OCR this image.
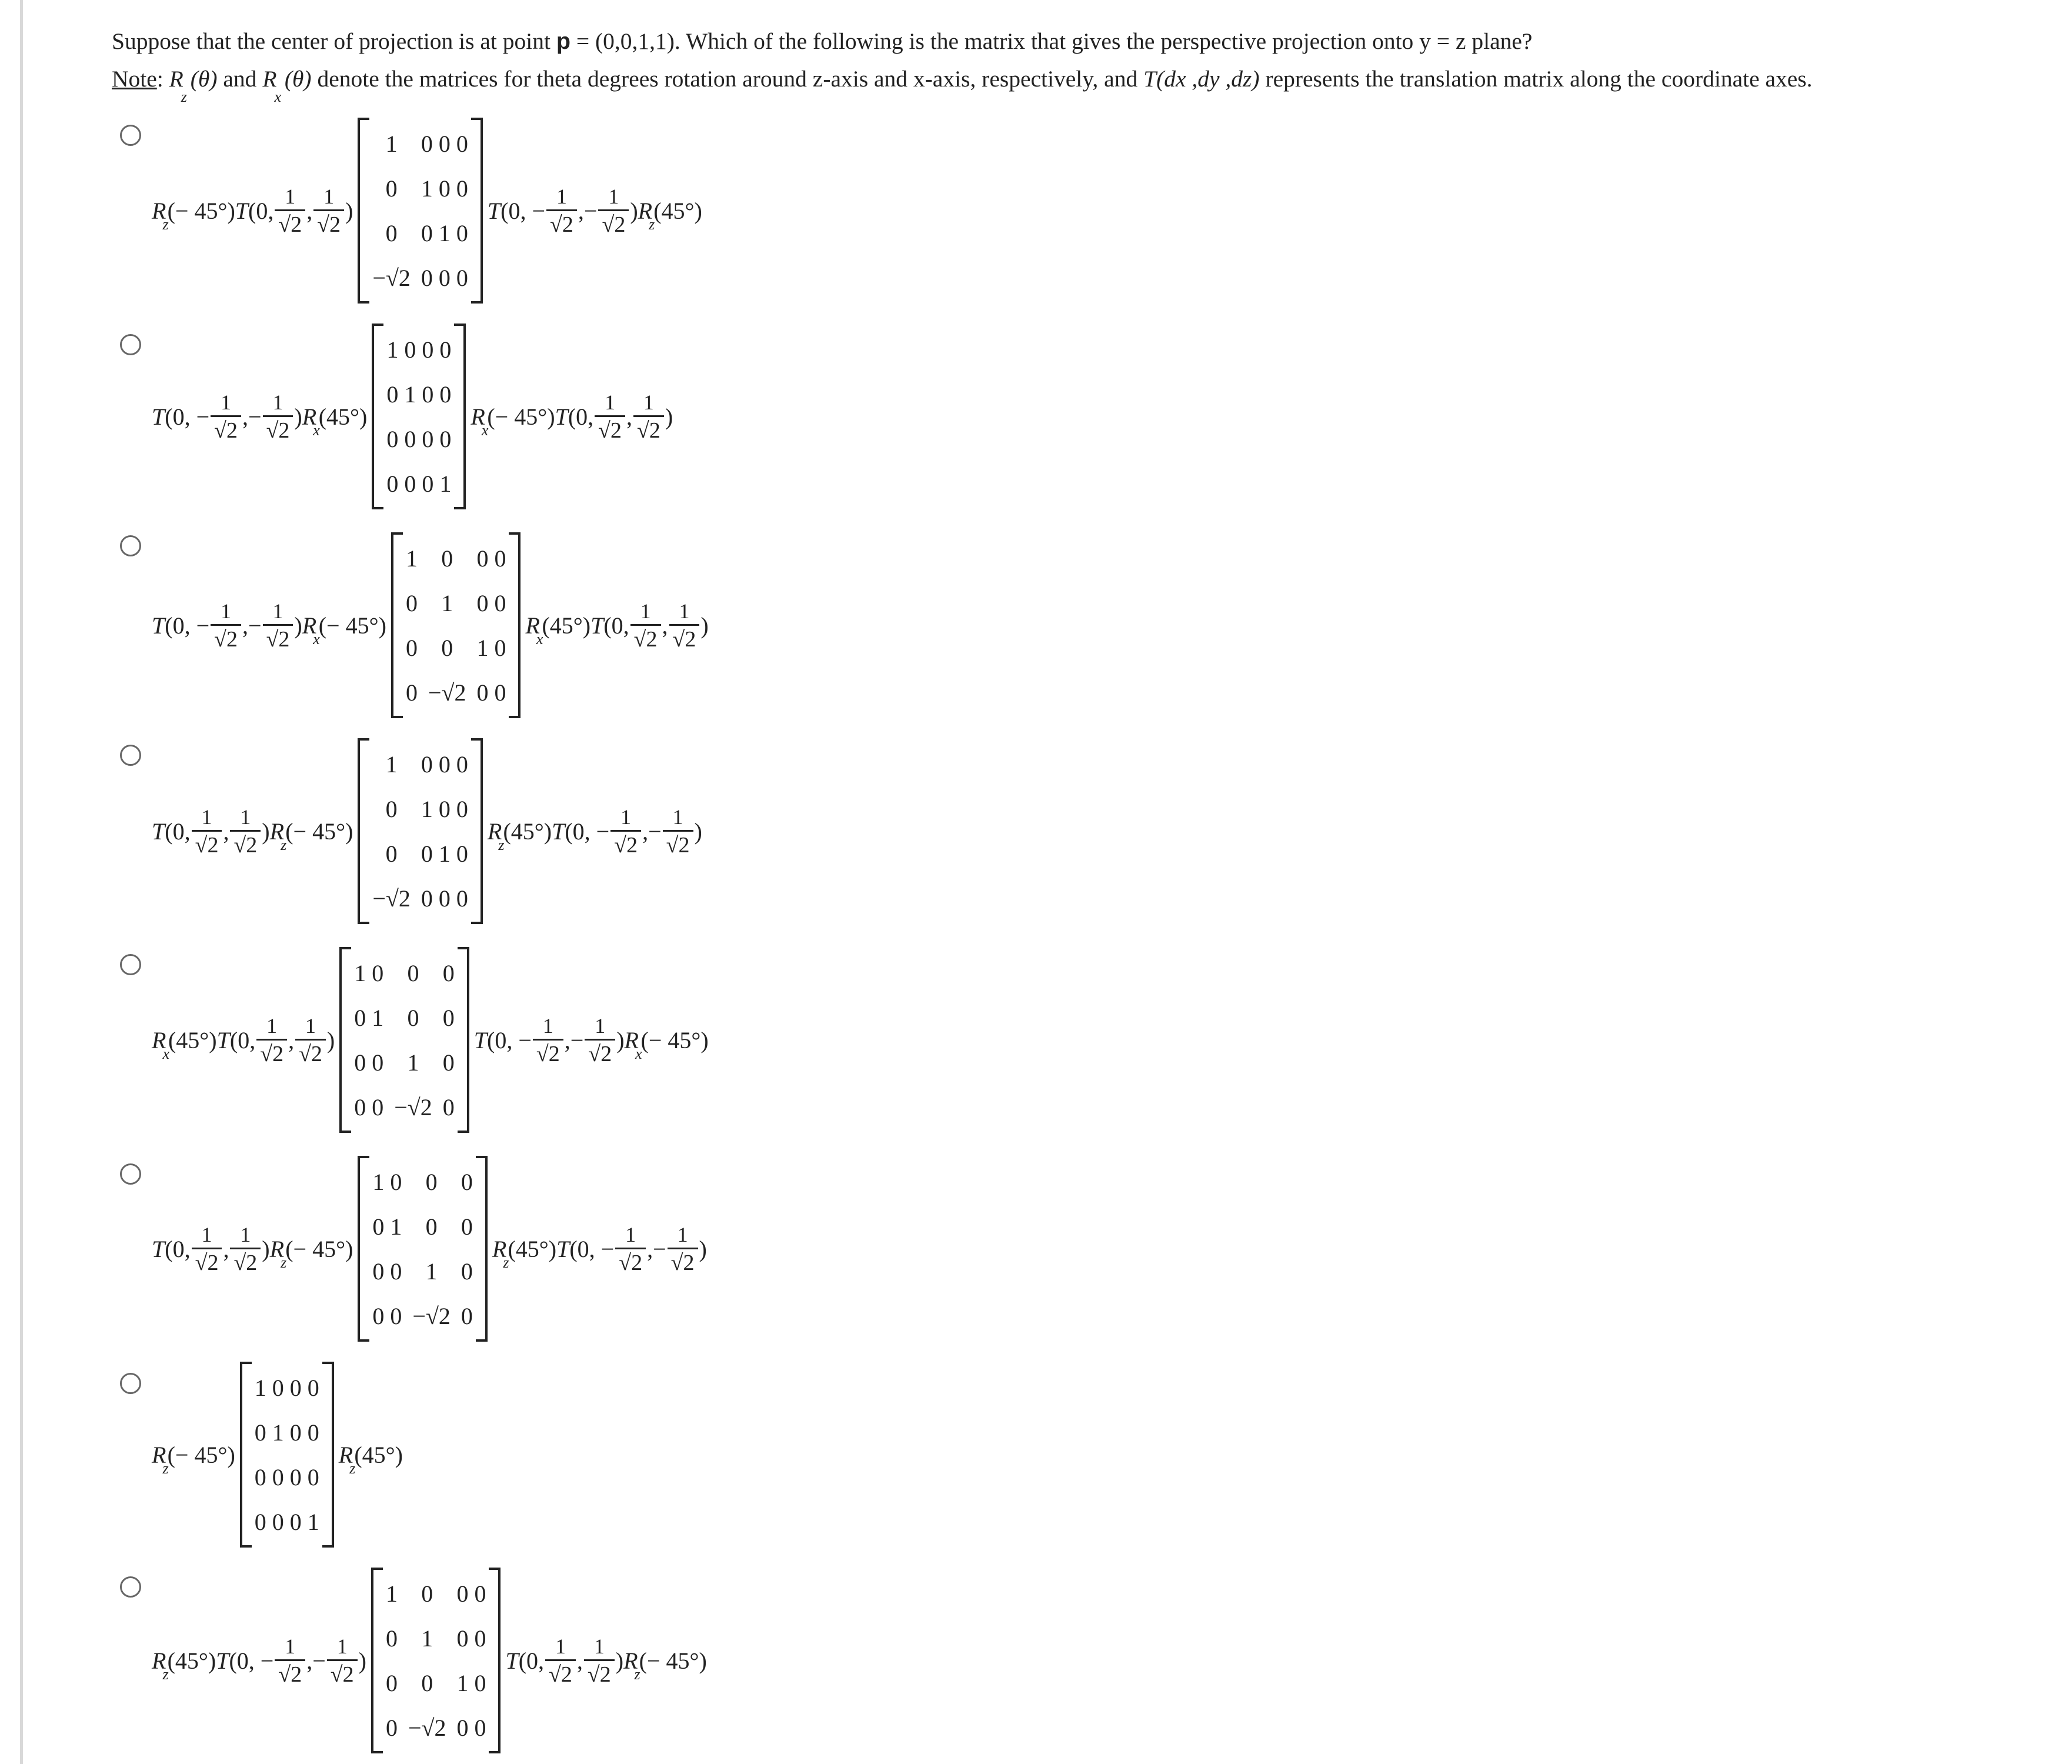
Suppose that the center of projection is at point p = (0,0,1,1). Which of the following is the matrix that gives the perspective projection onto y = z plane?
Note: Rz (θ) and Rx (θ) denote the matrices for theta degrees rotation around z-axis and x-axis, respectively, and T(dx ,dy ,dz) represents the translation matrix along the coordinate axes.
R
z
(− 45°) T (0, $\frac{1}{√2}$ , $\frac{1}{√2}$ )
1	0 0 0
0	1 0 0
0	0 1 0
−√2	0 0 0
T (0, − $\frac{1}{√2}$ , − $\frac{1}{√2}$ ) R
z
(45°)
T (0, − $\frac{1}{√2}$ , − $\frac{1}{√2}$ ) R
x
(45°)
1 0 0 0
0 1 0 0
0 0 0 0
0 0 0 1
R
x
(− 45°) T (0, $\frac{1}{√2}$ , $\frac{1}{√2}$ )
T (0, − $\frac{1}{√2}$ , − $\frac{1}{√2}$ ) R
x
(− 45°)
1	0	0 0
0	1	0 0
0	0	1 0
0	−√2	0 0
R
x
(45°) T (0, $\frac{1}{√2}$ , $\frac{1}{√2}$ )
T (0, $\frac{1}{√2}$ , $\frac{1}{√2}$ ) R
z
(− 45°)
1	0 0 0
0	1 0 0
0	0 1 0
−√2	0 0 0
R
z
(45°) T (0, − $\frac{1}{√2}$ , − $\frac{1}{√2}$ )
R
x
(45°) T (0, $\frac{1}{√2}$ , $\frac{1}{√2}$ )
1 0	0	0
0 1	0	0
0 0	1	0
0 0	−√2	0
T (0, − $\frac{1}{√2}$ , − $\frac{1}{√2}$ ) R
x
(− 45°)
T (0, $\frac{1}{√2}$ , $\frac{1}{√2}$ ) R
z
(− 45°)
1 0	0	0
0 1	0	0
0 0	1	0
0 0	−√2	0
R
z
(45°) T (0, − $\frac{1}{√2}$ , − $\frac{1}{√2}$ )
R
z
(− 45°)
1 0 0 0
0 1 0 0
0 0 0 0
0 0 0 1
R
z
(45°)
R
z
(45°) T (0, − $\frac{1}{√2}$ , − $\frac{1}{√2}$ )
1	0	0 0
0	1	0 0
0	0	1 0
0	−√2	0 0
T (0, $\frac{1}{√2}$ , $\frac{1}{√2}$ ) R
z
(− 45°)
